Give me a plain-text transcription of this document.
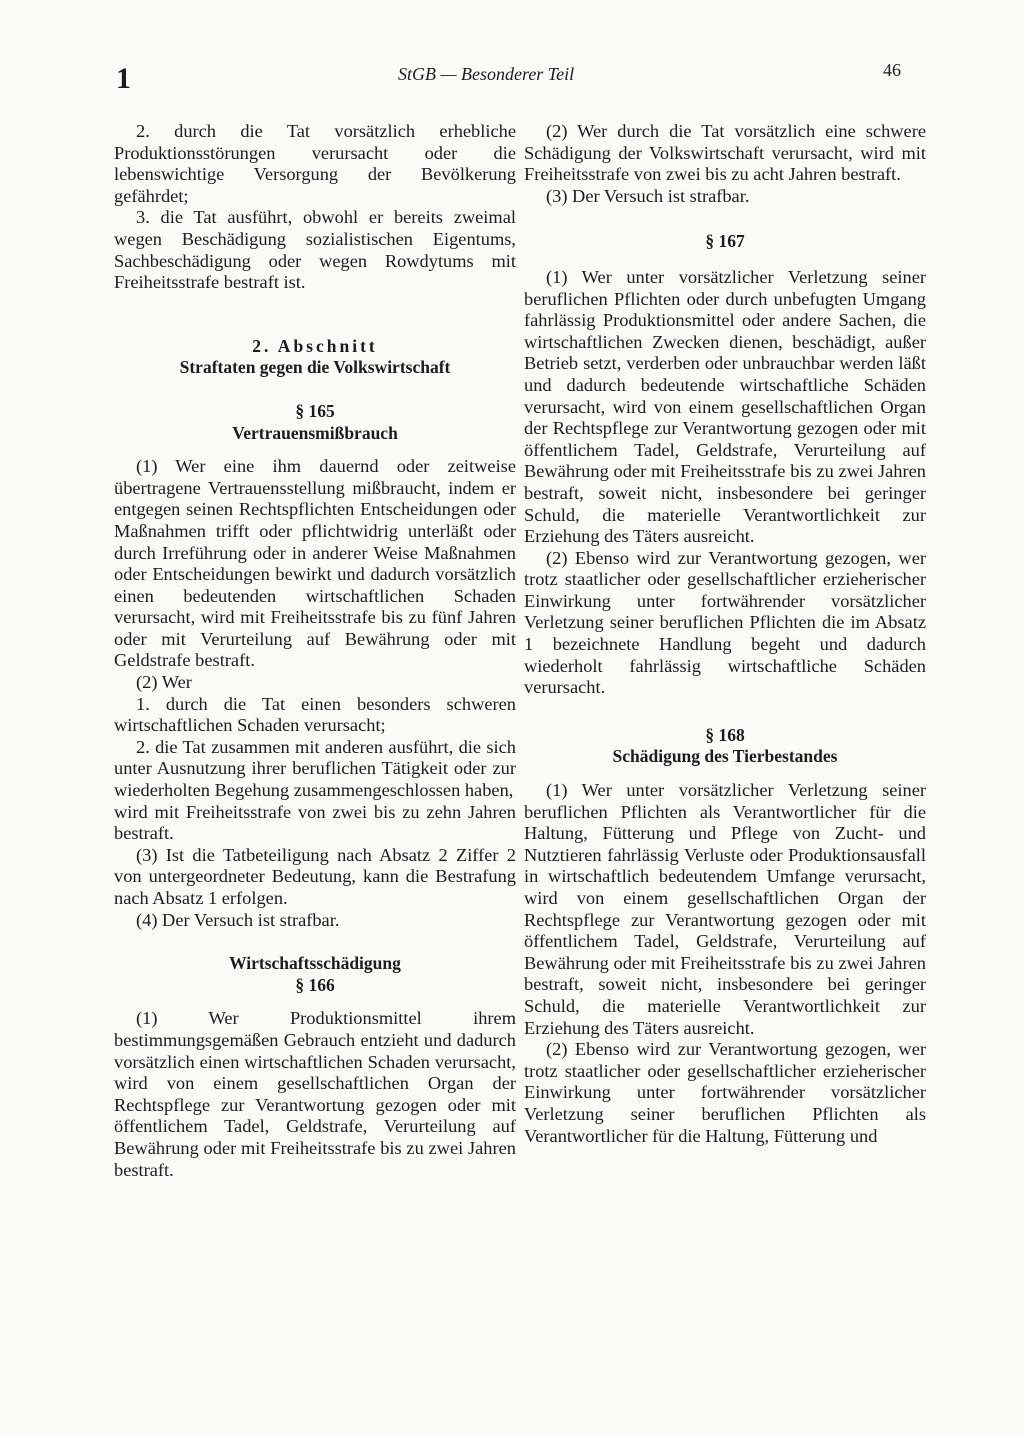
1	StGB — Besonderer Teil	46

2. durch die Tat vorsätzlich erhebliche Produktionsstörungen verursacht oder die lebenswichtige Versorgung der Bevölkerung gefährdet;

3. die Tat ausführt, obwohl er bereits zweimal wegen Beschädigung sozialistischen Eigentums, Sachbeschädigung oder wegen Rowdytums mit Freiheitsstrafe bestraft ist.

2. Abschnitt

Straftaten gegen die Volkswirtschaft

§ 165

Vertrauensmißbrauch

(1) Wer eine ihm dauernd oder zeitweise übertragene Vertrauensstellung mißbraucht, indem er entgegen seinen Rechtspflichten Entscheidungen oder Maßnahmen trifft oder pflichtwidrig unterläßt oder durch Irreführung oder in anderer Weise Maßnahmen oder Entscheidungen bewirkt und dadurch vorsätzlich einen bedeutenden wirtschaftlichen Schaden verursacht, wird mit Freiheitsstrafe bis zu fünf Jahren oder mit Verurteilung auf Bewährung oder mit Geldstrafe bestraft.

(2) Wer

1. durch die Tat einen besonders schweren wirtschaftlichen Schaden verursacht;

2. die Tat zusammen mit anderen ausführt, die sich unter Ausnutzung ihrer beruflichen Tätigkeit oder zur wiederholten Begehung zusammengeschlossen haben,

wird mit Freiheitsstrafe von zwei bis zu zehn Jahren bestraft.

(3) Ist die Tatbeteiligung nach Absatz 2 Ziffer 2 von untergeordneter Bedeutung, kann die Bestrafung nach Absatz 1 erfolgen.

(4) Der Versuch ist strafbar.

Wirtschaftsschädigung

§ 166

(1) Wer Produktionsmittel ihrem bestimmungsgemäßen Gebrauch entzieht und dadurch vorsätzlich einen wirtschaftlichen Schaden verursacht, wird von einem gesellschaftlichen Organ der Rechtspflege zur Verantwortung gezogen oder mit öffentlichem Tadel, Geldstrafe, Verurteilung auf Bewährung oder mit Freiheitsstrafe bis zu zwei Jahren bestraft.

(2) Wer durch die Tat vorsätzlich eine schwere Schädigung der Volkswirtschaft verursacht, wird mit Freiheitsstrafe von zwei bis zu acht Jahren bestraft.

(3) Der Versuch ist strafbar.

§ 167

(1) Wer unter vorsätzlicher Verletzung seiner beruflichen Pflichten oder durch unbefugten Umgang fahrlässig Produktionsmittel oder andere Sachen, die wirtschaftlichen Zwecken dienen, beschädigt, außer Betrieb setzt, verderben oder unbrauchbar werden läßt und dadurch bedeutende wirtschaftliche Schäden verursacht, wird von einem gesellschaftlichen Organ der Rechtspflege zur Verantwortung gezogen oder mit öffentlichem Tadel, Geldstrafe, Verurteilung auf Bewährung oder mit Freiheitsstrafe bis zu zwei Jahren bestraft, soweit nicht, insbesondere bei geringer Schuld, die materielle Verantwortlichkeit zur Erziehung des Täters ausreicht.

(2) Ebenso wird zur Verantwortung gezogen, wer trotz staatlicher oder gesellschaftlicher erzieherischer Einwirkung unter fortwährender vorsätzlicher Verletzung seiner beruflichen Pflichten die im Absatz 1 bezeichnete Handlung begeht und dadurch wiederholt fahrlässig wirtschaftliche Schäden verursacht.

§ 168

Schädigung des Tierbestandes

(1) Wer unter vorsätzlicher Verletzung seiner beruflichen Pflichten als Verantwortlicher für die Haltung, Fütterung und Pflege von Zucht- und Nutztieren fahrlässig Verluste oder Produktionsausfall in wirtschaftlich bedeutendem Umfange verursacht, wird von einem gesellschaftlichen Organ der Rechtspflege zur Verantwortung gezogen oder mit öffentlichem Tadel, Geldstrafe, Verurteilung auf Bewährung oder mit Freiheitsstrafe bis zu zwei Jahren bestraft, soweit nicht, insbesondere bei geringer Schuld, die materielle Verantwortlichkeit zur Erziehung des Täters ausreicht.

(2) Ebenso wird zur Verantwortung gezogen, wer trotz staatlicher oder gesellschaftlicher erzieherischer Einwirkung unter fortwährender vorsätzlicher Verletzung seiner beruflichen Pflichten als Verantwortlicher für die Haltung, Fütterung und
